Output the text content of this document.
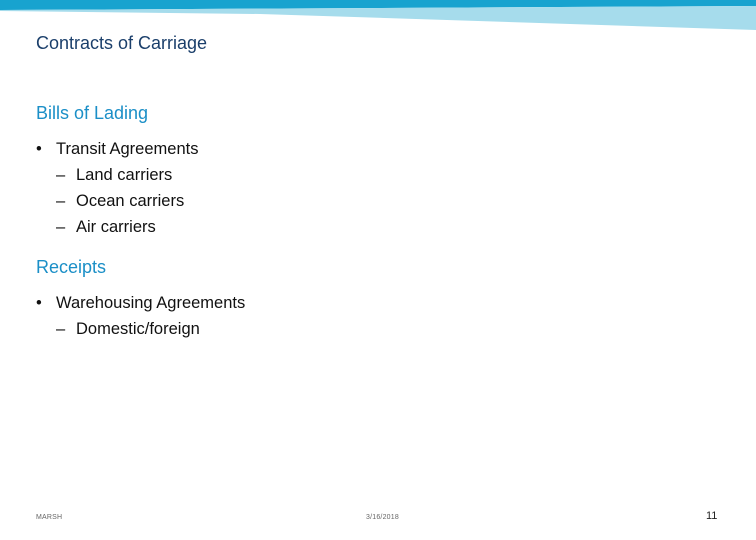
Contracts of Carriage
Bills of Lading
• Transit Agreements
– Land carriers
– Ocean carriers
– Air carriers
Receipts
• Warehousing Agreements
– Domestic/foreign
MARSH	3/16/2018	11
